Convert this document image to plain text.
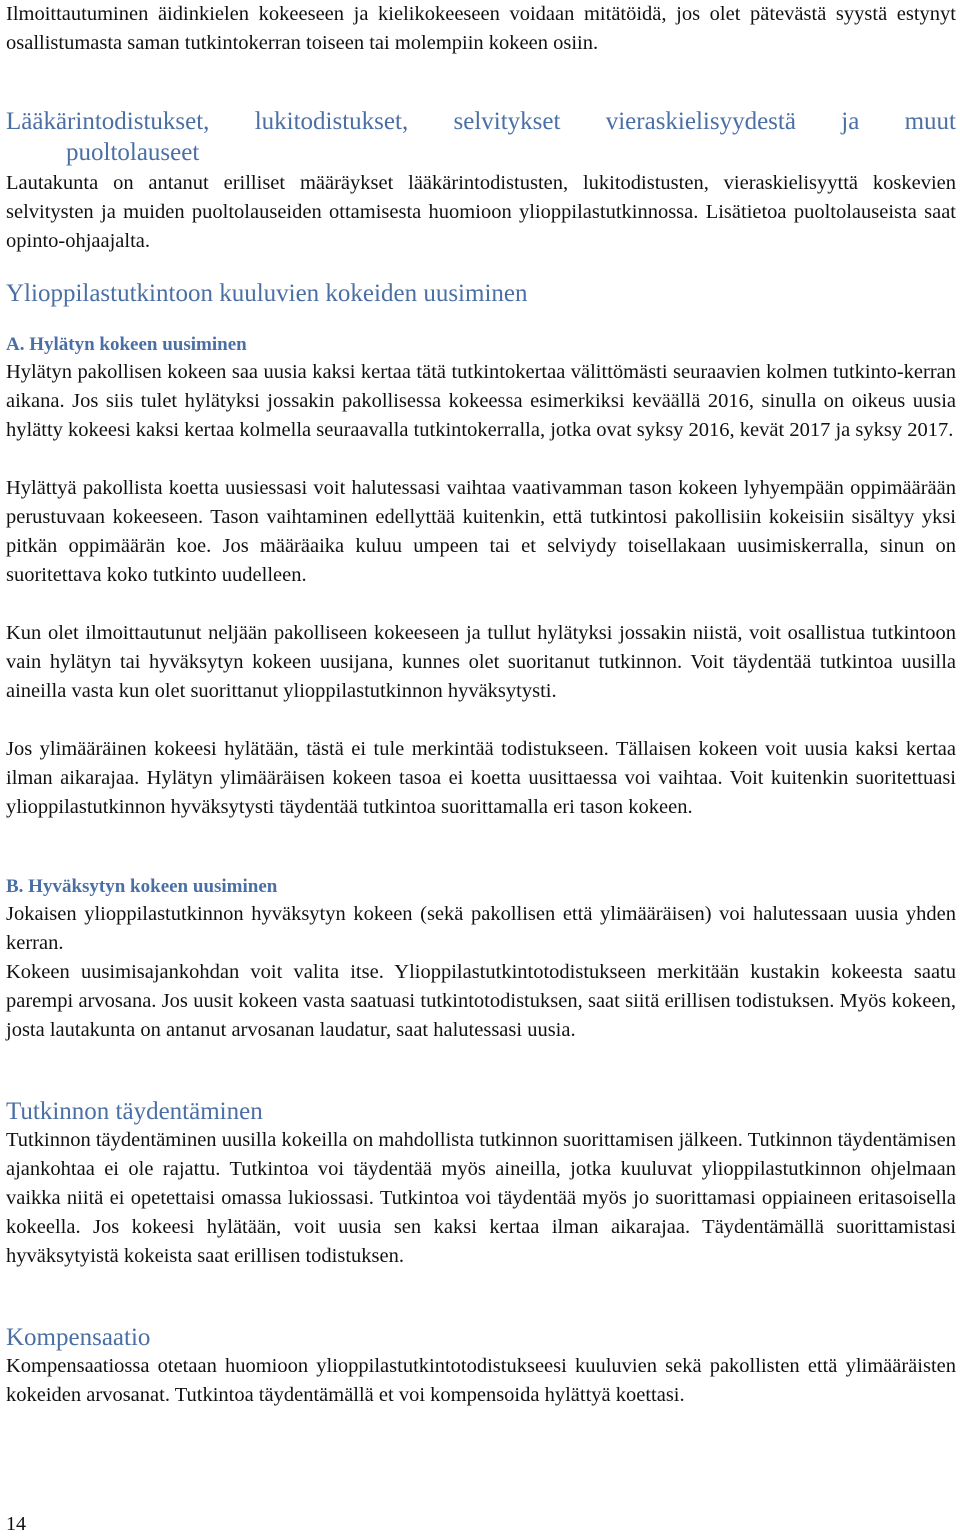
Ilmoittautuminen äidinkielen kokeeseen ja kielikokeeseen voidaan mitätöidä, jos olet pätevästä syystä estynyt osallistumasta saman tutkintokerran toiseen tai molempiin kokeen osiin.

Lääkärintodistukset, lukitodistukset, selvitykset vieraskielisyydestä ja muut
puoltolauseet

Lautakunta on antanut erilliset määräykset lääkärintodistusten, lukitodistusten, vieraskielisyyttä koskevien selvitysten ja muiden puoltolauseiden ottamisesta huomioon ylioppilastutkinnossa. Lisätietoa puoltolauseista saat opinto-ohjaajalta.

Ylioppilastutkintoon kuuluvien kokeiden uusiminen
A. Hylätyn kokeen uusiminen

Hylätyn pakollisen kokeen saa uusia kaksi kertaa tätä tutkintokertaa välittömästi seuraavien kolmen tutkinto-kerran aikana. Jos siis tulet hylätyksi jossakin pakollisessa kokeessa esimerkiksi keväällä 2016, sinulla on oikeus uusia hylätty kokeesi kaksi kertaa kolmella seuraavalla tutkintokerralla, jotka ovat syksy 2016, kevät 2017 ja syksy 2017.

Hylättyä pakollista koetta uusiessasi voit halutessasi vaihtaa vaativamman tason kokeen lyhyempään oppimäärään perustuvaan kokeeseen. Tason vaihtaminen edellyttää kuitenkin, että tutkintosi pakollisiin kokeisiin sisältyy yksi pitkän oppimäärän koe. Jos määräaika kuluu umpeen tai et selviydy toisellakaan uusimiskerralla, sinun on suoritettava koko tutkinto uudelleen.

Kun olet ilmoittautunut neljään pakolliseen kokeeseen ja tullut hylätyksi jossakin niistä, voit osallistua tutkintoon vain hylätyn tai hyväksytyn kokeen uusijana, kunnes olet suoritanut tutkinnon. Voit täydentää tutkintoa uusilla aineilla vasta kun olet suorittanut ylioppilastutkinnon hyväksytysti.

Jos ylimääräinen kokeesi hylätään, tästä ei tule merkintää todistukseen. Tällaisen kokeen voit uusia kaksi kertaa ilman aikarajaa. Hylätyn ylimääräisen kokeen tasoa ei koetta uusittaessa voi vaihtaa. Voit kuitenkin suoritettuasi ylioppilastutkinnon hyväksytysti täydentää tutkintoa suorittamalla eri tason kokeen.

B. Hyväksytyn kokeen uusiminen

Jokaisen ylioppilastutkinnon hyväksytyn kokeen (sekä pakollisen että ylimääräisen) voi halutessaan uusia yhden kerran.

Kokeen uusimisajankohdan voit valita itse. Ylioppilastutkintotodistukseen merkitään kustakin kokeesta saatu parempi arvosana. Jos uusit kokeen vasta saatuasi tutkintotodistuksen, saat siitä erillisen todistuksen. Myös kokeen, josta lautakunta on antanut arvosanan laudatur, saat halutessasi uusia.

Tutkinnon täydentäminen

Tutkinnon täydentäminen uusilla kokeilla on mahdollista tutkinnon suorittamisen jälkeen. Tutkinnon täydentämisen ajankohtaa ei ole rajattu. Tutkintoa voi täydentää myös aineilla, jotka kuuluvat ylioppilastutkinnon ohjelmaan vaikka niitä ei opetettaisi omassa lukiossasi. Tutkintoa voi täydentää myös jo suorittamasi oppiaineen eritasoisella kokeella. Jos kokeesi hylätään, voit uusia sen kaksi kertaa ilman aikarajaa. Täydentämällä suorittamistasi hyväksytyistä kokeista saat erillisen todistuksen.

Kompensaatio

Kompensaatiossa otetaan huomioon ylioppilastutkintotodistukseesi kuuluvien sekä pakollisten että ylimääräisten kokeiden arvosanat. Tutkintoa täydentämällä et voi kompensoida hylättyä koettasi.

14
